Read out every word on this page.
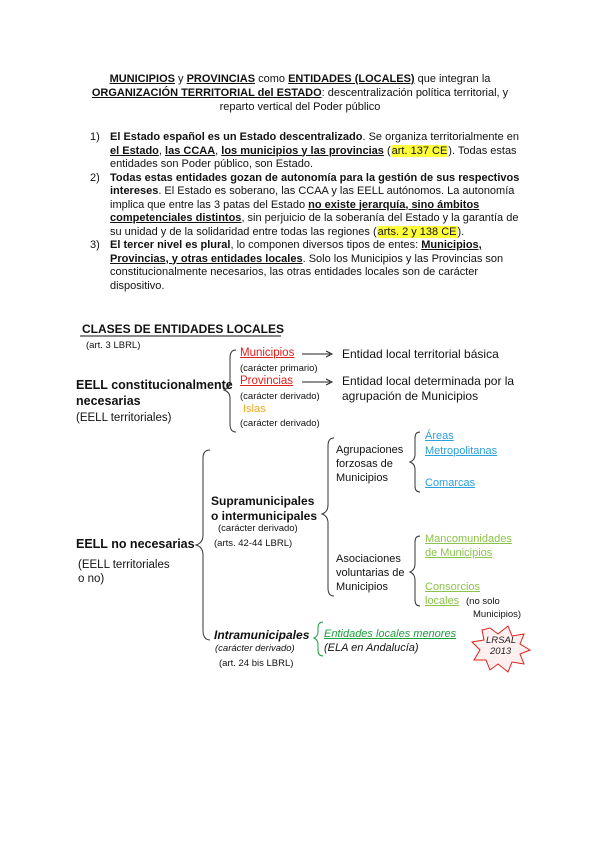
MUNICIPIOS y PROVINCIAS como ENTIDADES (LOCALES) que integran la
ORGANIZACIÓN TERRITORIAL del ESTADO: descentralización política territorial, y
reparto vertical del Poder público
1) El Estado español es un Estado descentralizado. Se organiza territorialmente en el Estado, las CCAA, los municipios y las provincias (art. 137 CE). Todas estas entidades son Poder público, son Estado.
2) Todas estas entidades gozan de autonomía para la gestión de sus respectivos intereses. El Estado es soberano, las CCAA y las EELL autónomos. La autonomía implica que entre las 3 patas del Estado no existe jerarquía, sino ámbitos competenciales distintos, sin perjuicio de la soberanía del Estado y la garantía de su unidad y de la solidaridad entre todas las regiones (arts. 2 y 138 CE).
3) El tercer nivel es plural, lo componen diversos tipos de entes: Municipios, Provincias, y otras entidades locales. Solo los Municipios y las Provincias son constitucionalmente necesarios, las otras entidades locales son de carácter dispositivo.
CLASES DE ENTIDADES LOCALES
(art. 3 LBRL)
EELL constitucionalmente
necesarias
(EELL territoriales)
Municipios
(carácter primario)
Entidad local territorial básica
Provincias
(carácter derivado)
Entidad local determinada por la
agrupación de Municipios
Islas
(carácter derivado)
EELL no necesarias
(EELL territoriales
o no)
Supramunicipales
o intermunicipales
(carácter derivado)
(arts. 42-44 LBRL)
Agrupaciones
forzosas de
Municipios
Áreas
Metropolitanas
Comarcas
Asociaciones
voluntarias de
Municipios
Mancomunidades
de Municipios
Consorcios
locales (no solo
Municipios)
Intramunicipales
(carácter derivado)
(art. 24 bis LBRL)
Entidades locales menores
(ELA en Andalucía)
LRSAL
2013
